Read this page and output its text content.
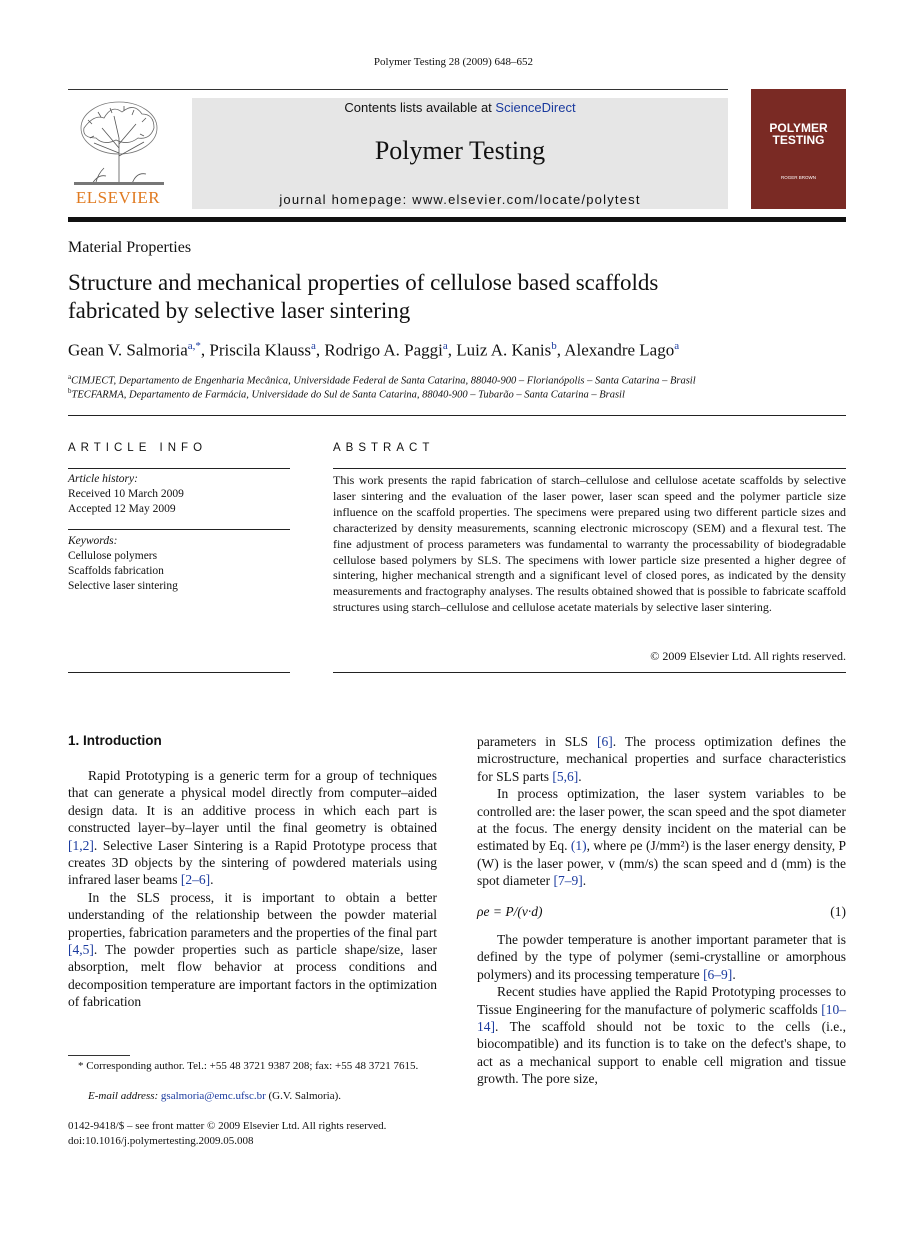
Polymer Testing 28 (2009) 648–652
ELSEVIER
Contents lists available at ScienceDirect
Polymer Testing
journal homepage: www.elsevier.com/locate/polytest
POLYMER
TESTING
ROGER BROWN
Material Properties
Structure and mechanical properties of cellulose based scaffolds
fabricated by selective laser sintering
Gean V. Salmoria$^{a,*}$, Priscila Klauss$^a$, Rodrigo A. Paggi$^a$, Luiz A. Kanis$^b$, Alexandre Lago$^a$
$^a$CIMJECT, Departamento de Engenharia Mecânica, Universidade Federal de Santa Catarina, 88040-900 – Florianópolis – Santa Catarina – Brasil
$^b$TECFARMA, Departamento de Farmácia, Universidade do Sul de Santa Catarina, 88040-900 – Tubarão – Santa Catarina – Brasil
ARTICLE INFO
Article history:
Received 10 March 2009
Accepted 12 May 2009
Keywords:
Cellulose polymers
Scaffolds fabrication
Selective laser sintering
ABSTRACT
This work presents the rapid fabrication of starch–cellulose and cellulose acetate scaffolds by selective laser sintering and the evaluation of the laser power, laser scan speed and the polymer particle size influence on the scaffold properties. The specimens were prepared using two different particle sizes and characterized by density measurements, scanning electronic microscopy (SEM) and a flexural test. The fine adjustment of process parameters was fundamental to warranty the processability of biodegradable cellulose based polymers by SLS. The specimens with lower particle size presented a higher degree of sintering, higher mechanical strength and a significant level of closed pores, as indicated by the density measurements and fractography analyses. The results obtained showed that is possible to fabricate scaffold structures using starch–cellulose and cellulose acetate materials by selective laser sintering.
© 2009 Elsevier Ltd. All rights reserved.
1. Introduction

Rapid Prototyping is a generic term for a group of techniques that can generate a physical model directly from computer–aided design data. It is an additive process in which each part is constructed layer–by–layer until the final geometry is obtained [1,2]. Selective Laser Sintering is a Rapid Prototype process that creates 3D objects by the sintering of powdered materials using infrared laser beams [2–6].

In the SLS process, it is important to obtain a better understanding of the relationship between the powder material properties, fabrication parameters and the properties of the final part [4,5]. The powder properties such as particle shape/size, laser absorption, melt flow behavior at process conditions and decomposition temperature are important factors in the optimization of fabrication

parameters in SLS [6]. The process optimization defines the microstructure, mechanical properties and surface characteristics for SLS parts [5,6].

In process optimization, the laser system variables to be controlled are: the laser power, the scan speed and the spot diameter at the focus. The energy density incident on the material can be estimated by Eq. (1), where ρe (J/mm²) is the laser energy density, P (W) is the laser power, v (mm/s) the scan speed and d (mm) is the spot diameter [7–9].

ρe = P/(v·d)	(1)

The powder temperature is another important parameter that is defined by the type of polymer (semi-crystalline or amorphous polymers) and its processing temperature [6–9].

Recent studies have applied the Rapid Prototyping processes to Tissue Engineering for the manufacture of polymeric scaffolds [10–14]. The scaffold should not be toxic to the cells (i.e., biocompatible) and its function is to take on the defect's shape, to act as a mechanical support to enable cell migration and tissue growth. The pore size,

* Corresponding author. Tel.: +55 48 3721 9387 208; fax: +55 48 3721 7615.
E-mail address: gsalmoria@emc.ufsc.br (G.V. Salmoria).
0142-9418/$ – see front matter © 2009 Elsevier Ltd. All rights reserved.
doi:10.1016/j.polymertesting.2009.05.008
